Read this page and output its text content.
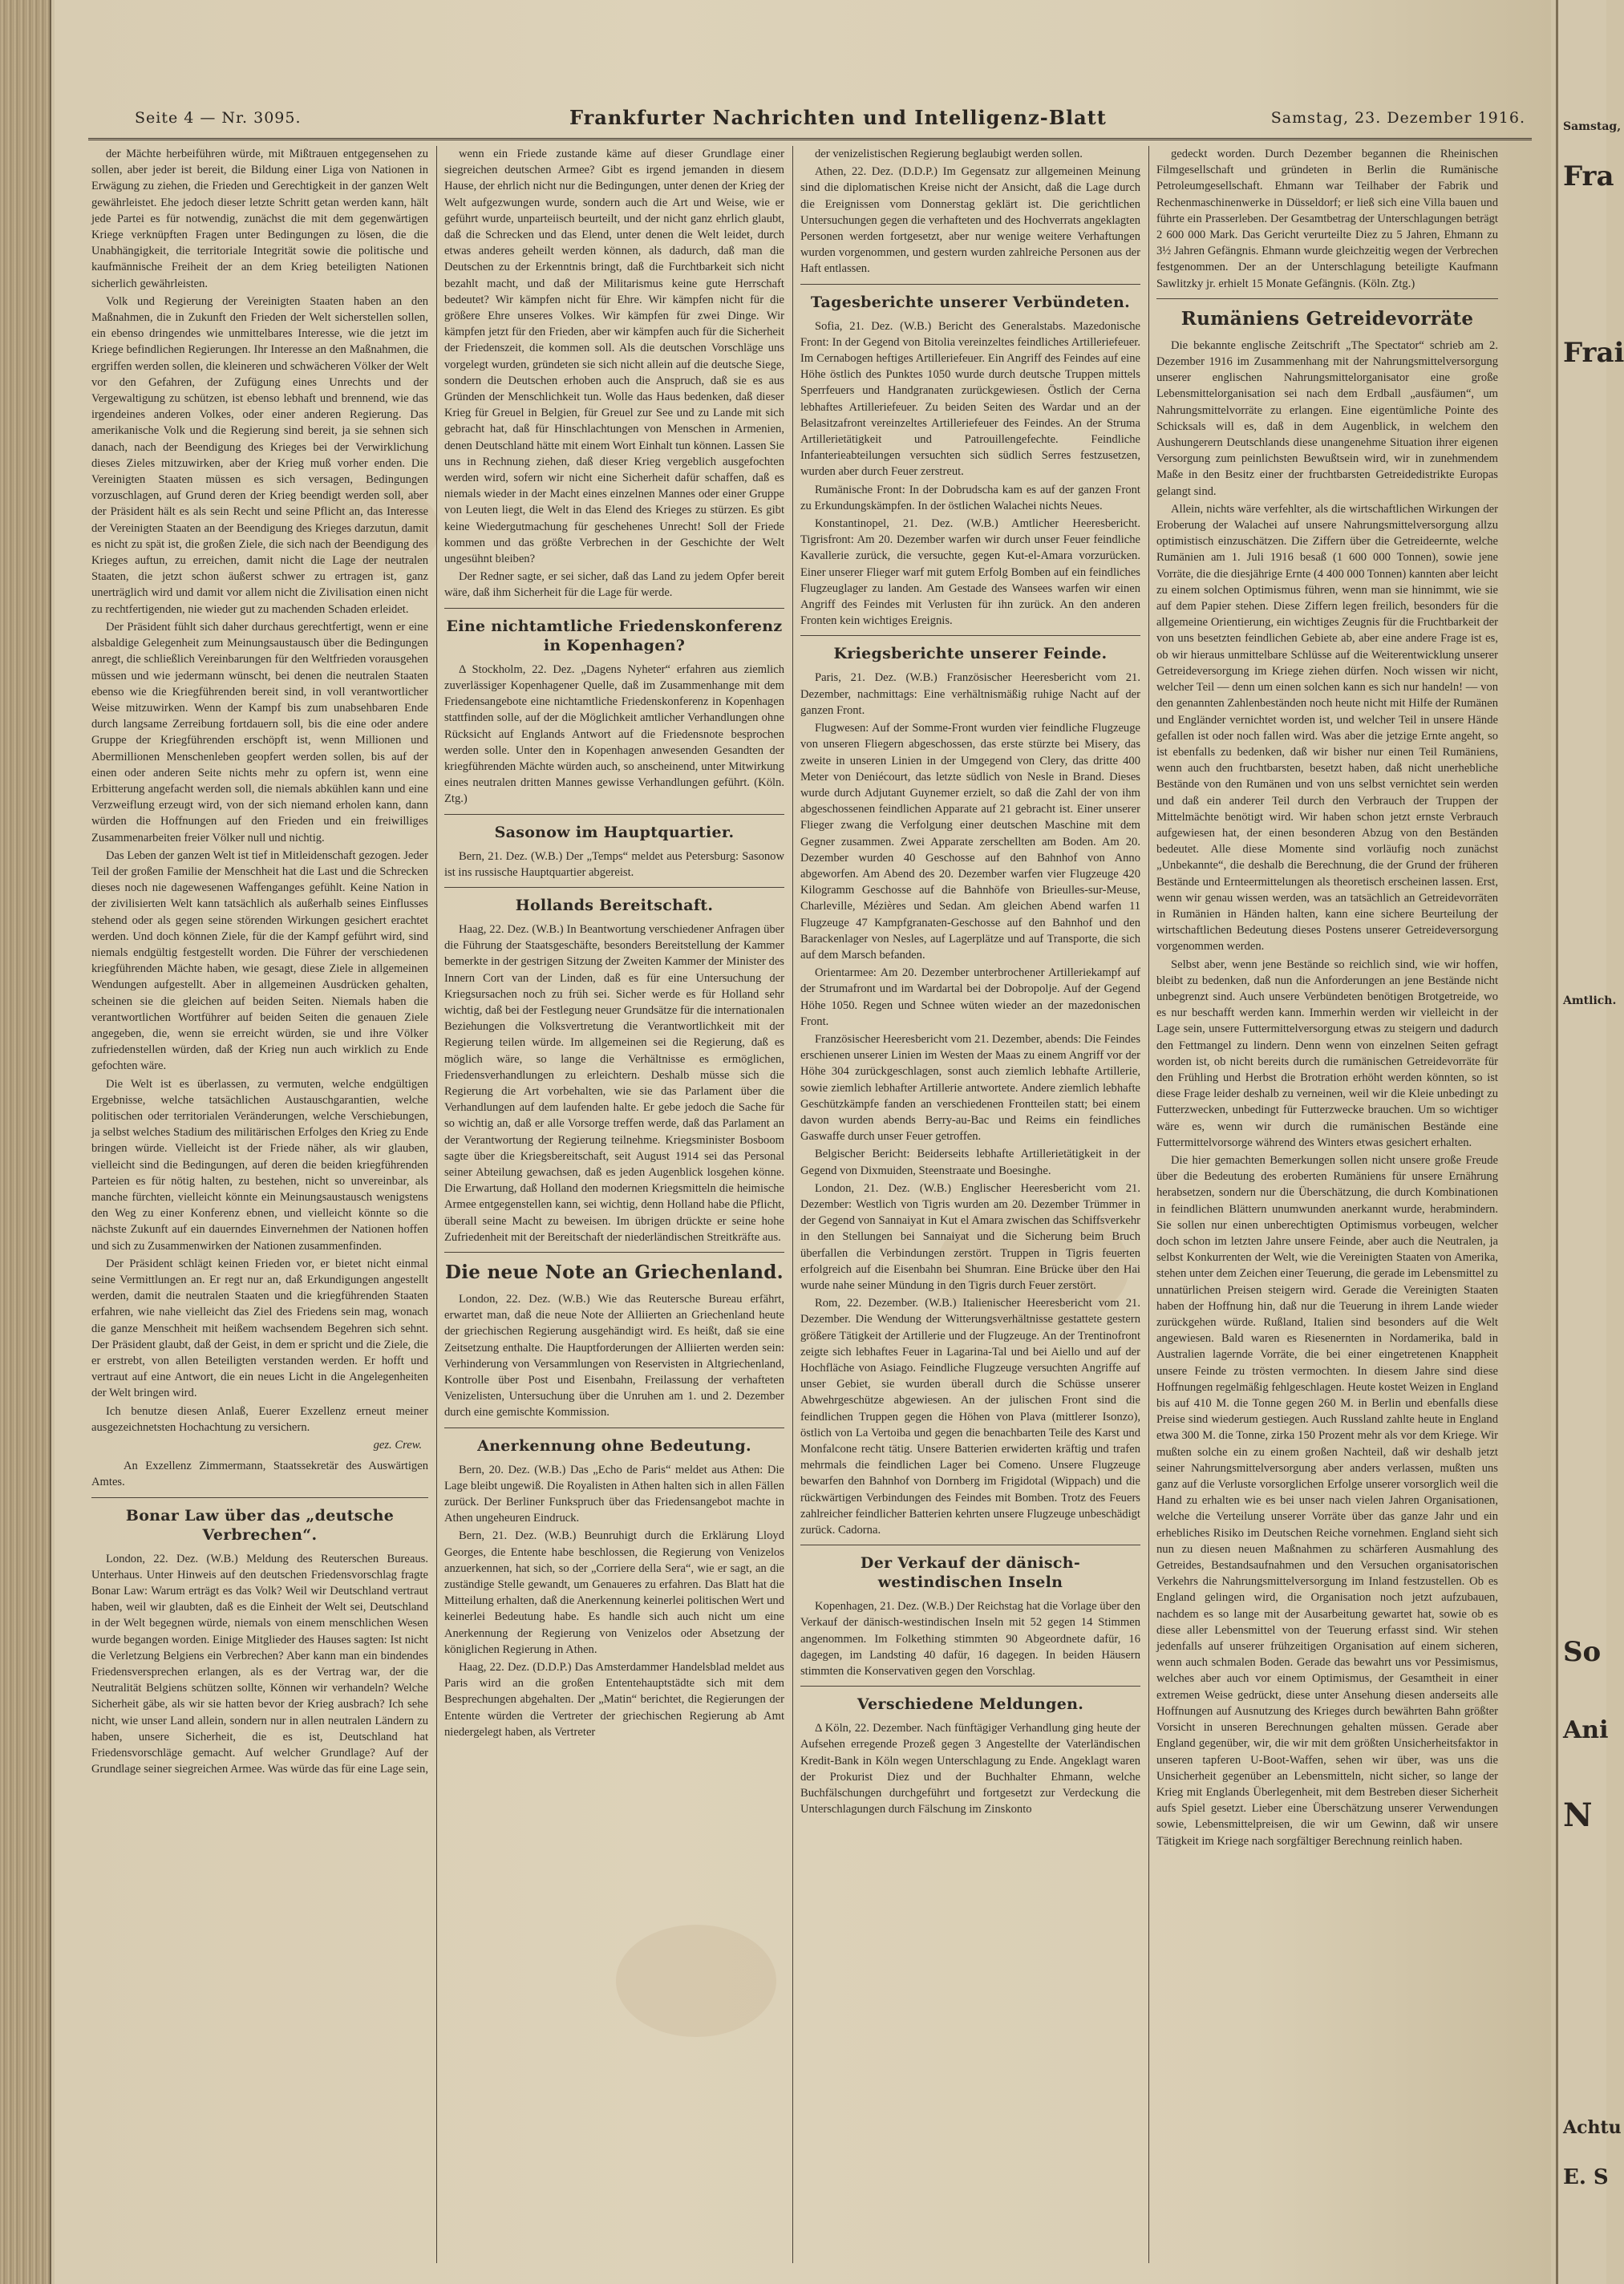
Seite 4 — Nr. 3095.	Frankfurter Nachrichten und Intelligenz-Blatt	Samstag, 23. Dezember 1916.

der Mächte herbeiführen würde, mit Mißtrauen entgegensehen zu sollen, aber jeder ist bereit, die Bildung einer Liga von Nationen in Erwägung zu ziehen, die Frieden und Gerechtigkeit in der ganzen Welt gewährleistet. Ehe jedoch dieser letzte Schritt getan werden kann, hält jede Partei es für notwendig, zunächst die mit dem gegenwärtigen Kriege verknüpften Fragen unter Bedingungen zu lösen, die die Unabhängigkeit, die territoriale Integrität sowie die politische und kaufmännische Freiheit der an dem Krieg beteiligten Nationen sicherlich gewährleisten.

Volk und Regierung der Vereinigten Staaten haben an den Maßnahmen, die in Zukunft den Frieden der Welt sicherstellen sollen, ein ebenso dringendes wie unmittelbares Interesse, wie die jetzt im Kriege befindlichen Regierungen. Ihr Interesse an den Maßnahmen, die ergriffen werden sollen, die kleineren und schwächeren Völker der Welt vor den Gefahren, der Zufügung eines Unrechts und der Vergewaltigung zu schützen, ist ebenso lebhaft und brennend, wie das irgendeines anderen Volkes, oder einer anderen Regierung. Das amerikanische Volk und die Regierung sind bereit, ja sie sehnen sich danach, nach der Beendigung des Krieges bei der Verwirklichung dieses Zieles mitzuwirken, aber der Krieg muß vorher enden. Die Vereinigten Staaten müssen es sich versagen, Bedingungen vorzuschlagen, auf Grund deren der Krieg beendigt werden soll, aber der Präsident hält es als sein Recht und seine Pflicht an, das Interesse der Vereinigten Staaten an der Beendigung des Krieges darzutun, damit es nicht zu spät ist, die großen Ziele, die sich nach der Beendigung des Krieges auftun, zu erreichen, damit nicht die Lage der neutralen Staaten, die jetzt schon äußerst schwer zu ertragen ist, ganz unerträglich wird und damit vor allem nicht die Zivilisation einen nicht zu rechtfertigenden, nie wieder gut zu machenden Schaden erleidet.

Der Präsident fühlt sich daher durchaus gerechtfertigt, wenn er eine alsbaldige Gelegenheit zum Meinungsaustausch über die Bedingungen anregt, die schließlich Vereinbarungen für den Weltfrieden vorausgehen müssen und wie jedermann wünscht, bei denen die neutralen Staaten ebenso wie die Kriegführenden bereit sind, in voll verantwortlicher Weise mitzuwirken. Wenn der Kampf bis zum unabsehbaren Ende durch langsame Zerreibung fortdauern soll, bis die eine oder andere Gruppe der Kriegführenden erschöpft ist, wenn Millionen und Abermillionen Menschenleben geopfert werden sollen, bis auf der einen oder anderen Seite nichts mehr zu opfern ist, wenn eine Erbitterung angefacht werden soll, die niemals abkühlen kann und eine Verzweiflung erzeugt wird, von der sich niemand erholen kann, dann würden die Hoffnungen auf den Frieden und ein freiwilliges Zusammenarbeiten freier Völker null und nichtig.

Das Leben der ganzen Welt ist tief in Mitleidenschaft gezogen. Jeder Teil der großen Familie der Menschheit hat die Last und die Schrecken dieses noch nie dagewesenen Waffenganges gefühlt. Keine Nation in der zivilisierten Welt kann tatsächlich als außerhalb seines Einflusses stehend oder als gegen seine störenden Wirkungen gesichert erachtet werden. Und doch können Ziele, für die der Kampf geführt wird, sind niemals endgültig festgestellt worden. Die Führer der verschiedenen kriegführenden Mächte haben, wie gesagt, diese Ziele in allgemeinen Wendungen aufgestellt. Aber in allgemeinen Ausdrücken gehalten, scheinen sie die gleichen auf beiden Seiten. Niemals haben die verantwortlichen Wortführer auf beiden Seiten die genauen Ziele angegeben, die, wenn sie erreicht würden, sie und ihre Völker zufriedenstellen würden, daß der Krieg nun auch wirklich zu Ende gefochten wäre.

Die Welt ist es überlassen, zu vermuten, welche endgültigen Ergebnisse, welche tatsächlichen Austauschgarantien, welche politischen oder territorialen Veränderungen, welche Verschiebungen, ja selbst welches Stadium des militärischen Erfolges den Krieg zu Ende bringen würde. Vielleicht ist der Friede näher, als wir glauben, vielleicht sind die Bedingungen, auf deren die beiden kriegführenden Parteien es für nötig halten, zu bestehen, nicht so unvereinbar, als manche fürchten, vielleicht könnte ein Meinungsaustausch wenigstens den Weg zu einer Konferenz ebnen, und vielleicht könnte so die nächste Zukunft auf ein dauerndes Einvernehmen der Nationen hoffen und sich zu Zusammenwirken der Nationen zusammenfinden.

Der Präsident schlägt keinen Frieden vor, er bietet nicht einmal seine Vermittlungen an. Er regt nur an, daß Erkundigungen angestellt werden, damit die neutralen Staaten und die kriegführenden Staaten erfahren, wie nahe vielleicht das Ziel des Friedens sein mag, wonach die ganze Menschheit mit heißem wachsendem Begehren sich sehnt. Der Präsident glaubt, daß der Geist, in dem er spricht und die Ziele, die er erstrebt, von allen Beteiligten verstanden werden. Er hofft und vertraut auf eine Antwort, die ein neues Licht in die Angelegenheiten der Welt bringen wird.

Ich benutze diesen Anlaß, Euerer Exzellenz erneut meiner ausgezeichnetsten Hochachtung zu versichern.

gez. Crew.

An Exzellenz Zimmermann, Staatssekretär des Auswärtigen Amtes.

Bonar Law über das „deutsche Verbrechen“.

London, 22. Dez. (W.B.) Meldung des Reuterschen Bureaus. Unterhaus. Unter Hinweis auf den deutschen Friedensvorschlag fragte Bonar Law: Warum erträgt es das Volk? Weil wir Deutschland vertraut haben, weil wir glaubten, daß es die Einheit der Welt sei, Deutschland in der Welt begegnen würde, niemals von einem menschlichen Wesen wurde begangen worden. Einige Mitglieder des Hauses sagten: Ist nicht die Verletzung Belgiens ein Verbrechen? Aber kann man ein bindendes Friedensversprechen erlangen, als es der Vertrag war, der die Neutralität Belgiens schützen sollte, Können wir verhandeln? Welche Sicherheit gäbe, als wir sie hatten bevor der Krieg ausbrach? Ich sehe nicht, wie unser Land allein, sondern nur in allen neutralen Ländern zu haben, unsere Sicherheit, die es ist, Deutschland hat Friedensvorschläge gemacht. Auf welcher Grundlage? Auf der Grundlage seiner siegreichen Armee. Was würde das für eine Lage sein,

wenn ein Friede zustande käme auf dieser Grundlage einer siegreichen deutschen Armee? Gibt es irgend jemanden in diesem Hause, der ehrlich nicht nur die Bedingungen, unter denen der Krieg der Welt aufgezwungen wurde, sondern auch die Art und Weise, wie er geführt wurde, unparteiisch beurteilt, und der nicht ganz ehrlich glaubt, daß die Schrecken und das Elend, unter denen die Welt leidet, durch etwas anderes geheilt werden können, als dadurch, daß man die Deutschen zu der Erkenntnis bringt, daß die Furchtbarkeit sich nicht bezahlt macht, und daß der Militarismus keine gute Herrschaft bedeutet? Wir kämpfen nicht für Ehre. Wir kämpfen nicht für die größere Ehre unseres Volkes. Wir kämpfen für zwei Dinge. Wir kämpfen jetzt für den Frieden, aber wir kämpfen auch für die Sicherheit der Friedenszeit, die kommen soll. Als die deutschen Vorschläge uns vorgelegt wurden, gründeten sie sich nicht allein auf die deutsche Siege, sondern die Deutschen erhoben auch die Anspruch, daß sie es aus Gründen der Menschlichkeit tun. Wolle das Haus bedenken, daß dieser Krieg für Greuel in Belgien, für Greuel zur See und zu Lande mit sich gebracht hat, daß für Hinschlachtungen von Menschen in Armenien, denen Deutschland hätte mit einem Wort Einhalt tun können. Lassen Sie uns in Rechnung ziehen, daß dieser Krieg vergeblich ausgefochten werden wird, sofern wir nicht eine Sicherheit dafür schaffen, daß es niemals wieder in der Macht eines einzelnen Mannes oder einer Gruppe von Leuten liegt, die Welt in das Elend des Krieges zu stürzen. Es gibt keine Wiedergutmachung für geschehenes Unrecht! Soll der Friede kommen und das größte Verbrechen in der Geschichte der Welt ungesühnt bleiben?

Der Redner sagte, er sei sicher, daß das Land zu jedem Opfer bereit wäre, daß ihm Sicherheit für die Lage für werde.

Eine nichtamtliche Friedenskonferenz in Kopenhagen?

Δ Stockholm, 22. Dez. „Dagens Nyheter“ erfahren aus ziemlich zuverlässiger Kopenhagener Quelle, daß im Zusammenhange mit dem Friedensangebote eine nichtamtliche Friedenskonferenz in Kopenhagen stattfinden solle, auf der die Möglichkeit amtlicher Verhandlungen ohne Rücksicht auf Englands Antwort auf die Friedensnote besprochen werden solle. Unter den in Kopenhagen anwesenden Gesandten der kriegführenden Mächte würden auch, so anscheinend, unter Mitwirkung eines neutralen dritten Mannes gewisse Verhandlungen geführt. (Köln. Ztg.)

Sasonow im Hauptquartier.

Bern, 21. Dez. (W.B.) Der „Temps“ meldet aus Petersburg: Sasonow ist ins russische Hauptquartier abgereist.

Hollands Bereitschaft.

Haag, 22. Dez. (W.B.) In Beantwortung verschiedener Anfragen über die Führung der Staatsgeschäfte, besonders Bereitstellung der Kammer bemerkte in der gestrigen Sitzung der Zweiten Kammer der Minister des Innern Cort van der Linden, daß es für eine Untersuchung der Kriegsursachen noch zu früh sei. Sicher werde es für Holland sehr wichtig, daß bei der Festlegung neuer Grundsätze für die internationalen Beziehungen die Volksvertretung die Verantwortlichkeit mit der Regierung teilen würde. Im allgemeinen sei die Regierung, daß es möglich wäre, so lange die Verhältnisse es ermöglichen, Friedensverhandlungen zu erleichtern. Deshalb müsse sich die Regierung die Art vorbehalten, wie sie das Parlament über die Verhandlungen auf dem laufenden halte. Er gebe jedoch die Sache für so wichtig an, daß er alle Vorsorge treffen werde, daß das Parlament an der Verantwortung der Regierung teilnehme. Kriegsminister Bosboom sagte über die Kriegsbereitschaft, seit August 1914 sei das Personal seiner Abteilung gewachsen, daß es jeden Augenblick losgehen könne. Die Erwartung, daß Holland den modernen Kriegsmitteln die heimische Armee entgegenstellen kann, sei wichtig, denn Holland habe die Pflicht, überall seine Macht zu beweisen. Im übrigen drückte er seine hohe Zufriedenheit mit der Bereitschaft der niederländischen Streitkräfte aus.

Die neue Note an Griechenland.

London, 22. Dez. (W.B.) Wie das Reutersche Bureau erfährt, erwartet man, daß die neue Note der Alliierten an Griechenland heute der griechischen Regierung ausgehändigt wird. Es heißt, daß sie eine Zeitsetzung enthalte. Die Hauptforderungen der Alliierten werden sein: Verhinderung von Versammlungen von Reservisten in Altgriechenland, Kontrolle über Post und Eisenbahn, Freilassung der verhafteten Venizelisten, Untersuchung über die Unruhen am 1. und 2. Dezember durch eine gemischte Kommission.

Anerkennung ohne Bedeutung.

Bern, 20. Dez. (W.B.) Das „Echo de Paris“ meldet aus Athen: Die Lage bleibt ungewiß. Die Royalisten in Athen halten sich in allen Fällen zurück. Der Berliner Funkspruch über das Friedensangebot machte in Athen ungeheuren Eindruck.

Bern, 21. Dez. (W.B.) Beunruhigt durch die Erklärung Lloyd Georges, die Entente habe beschlossen, die Regierung von Venizelos anzuerkennen, hat sich, so der „Corriere della Sera“, wie er sagt, an die zuständige Stelle gewandt, um Genaueres zu erfahren. Das Blatt hat die Mitteilung erhalten, daß die Anerkennung keinerlei politischen Wert und keinerlei Bedeutung habe. Es handle sich auch nicht um eine Anerkennung der Regierung von Venizelos oder Absetzung der königlichen Regierung in Athen.

Haag, 22. Dez. (D.D.P.) Das Amsterdammer Handelsblad meldet aus Paris wird an die großen Ententehauptstädte sich mit dem Besprechungen abgehalten. Der „Matin“ berichtet, die Regierungen der Entente würden die Vertreter der griechischen Regierung ab Amt niedergelegt haben, als Vertreter

der venizelistischen Regierung beglaubigt werden sollen.

Athen, 22. Dez. (D.D.P.) Im Gegensatz zur allgemeinen Meinung sind die diplomatischen Kreise nicht der Ansicht, daß die Lage durch die Ereignissen vom Donnerstag geklärt ist. Die gerichtlichen Untersuchungen gegen die verhafteten und des Hochverrats angeklagten Personen werden fortgesetzt, aber nur wenige weitere Verhaftungen wurden vorgenommen, und gestern wurden zahlreiche Personen aus der Haft entlassen.

Tagesberichte unserer Verbündeten.

Sofia, 21. Dez. (W.B.) Bericht des Generalstabs. Mazedonische Front: In der Gegend von Bitolia vereinzeltes feindliches Artilleriefeuer. Im Cernabogen heftiges Artilleriefeuer. Ein Angriff des Feindes auf eine Höhe östlich des Punktes 1050 wurde durch deutsche Truppen mittels Sperrfeuers und Handgranaten zurückgewiesen. Östlich der Cerna lebhaftes Artilleriefeuer. Zu beiden Seiten des Wardar und an der Belasitzafront vereinzeltes Artilleriefeuer des Feindes. An der Struma Artillerietätigkeit und Patrouillengefechte. Feindliche Infanterieabteilungen versuchten sich südlich Serres festzusetzen, wurden aber durch Feuer zerstreut.

Rumänische Front: In der Dobrudscha kam es auf der ganzen Front zu Erkundungskämpfen. In der östlichen Walachei nichts Neues.

Konstantinopel, 21. Dez. (W.B.) Amtlicher Heeresbericht. Tigrisfront: Am 20. Dezember warfen wir durch unser Feuer feindliche Kavallerie zurück, die versuchte, gegen Kut-el-Amara vorzurücken. Einer unserer Flieger warf mit gutem Erfolg Bomben auf ein feindliches Flugzeuglager zu landen. Am Gestade des Wansees warfen wir einen Angriff des Feindes mit Verlusten für ihn zurück. An den anderen Fronten kein wichtiges Ereignis.

Kriegsberichte unserer Feinde.

Paris, 21. Dez. (W.B.) Französischer Heeresbericht vom 21. Dezember, nachmittags: Eine verhältnismäßig ruhige Nacht auf der ganzen Front.

Flugwesen: Auf der Somme-Front wurden vier feindliche Flugzeuge von unseren Fliegern abgeschossen, das erste stürzte bei Misery, das zweite in unseren Linien in der Umgegend von Clery, das dritte 400 Meter von Deniécourt, das letzte südlich von Nesle in Brand. Dieses wurde durch Adjutant Guynemer erzielt, so daß die Zahl der von ihm abgeschossenen feindlichen Apparate auf 21 gebracht ist. Einer unserer Flieger zwang die Verfolgung einer deutschen Maschine mit dem Gegner zusammen. Zwei Apparate zerschellten am Boden. Am 20. Dezember wurden 40 Geschosse auf den Bahnhof von Anno abgeworfen. Am Abend des 20. Dezember warfen vier Flugzeuge 420 Kilogramm Geschosse auf die Bahnhöfe von Brieulles-sur-Meuse, Charleville, Mézières und Sedan. Am gleichen Abend warfen 11 Flugzeuge 47 Kampfgranaten-Geschosse auf den Bahnhof und den Barackenlager von Nesles, auf Lagerplätze und auf Transporte, die sich auf dem Marsch befanden.

Orientarmee: Am 20. Dezember unterbrochener Artilleriekampf auf der Strumafront und im Wardartal bei der Dobropolje. Auf der Gegend Höhe 1050. Regen und Schnee wüten wieder an der mazedonischen Front.

Französischer Heeresbericht vom 21. Dezember, abends: Die Feindes erschienen unserer Linien im Westen der Maas zu einem Angriff vor der Höhe 304 zurückgeschlagen, sonst auch ziemlich lebhafte Artillerie, sowie ziemlich lebhafter Artillerie antwortete. Andere ziemlich lebhafte Geschützkämpfe fanden an verschiedenen Frontteilen statt; bei einem davon wurden abends Berry-au-Bac und Reims ein feindliches Gaswaffe durch unser Feuer getroffen.

Belgischer Bericht: Beiderseits lebhafte Artillerietätigkeit in der Gegend von Dixmuiden, Steenstraate und Boesinghe.

London, 21. Dez. (W.B.) Englischer Heeresbericht vom 21. Dezember: Westlich von Tigris wurden am 20. Dezember Trümmer in der Gegend von Sannaiyat in Kut el Amara zwischen das Schiffsverkehr in den Stellungen bei Sannaiyat und die Sicherung beim Bruch überfallen die Verbindungen zerstört. Truppen in Tigris feuerten erfolgreich auf die Eisenbahn bei Shumran. Eine Brücke über den Hai wurde nahe seiner Mündung in den Tigris durch Feuer zerstört.

Rom, 22. Dezember. (W.B.) Italienischer Heeresbericht vom 21. Dezember. Die Wendung der Witterungsverhältnisse gestattete gestern größere Tätigkeit der Artillerie und der Flugzeuge. An der Trentinofront zeigte sich lebhaftes Feuer in Lagarina-Tal und bei Aiello und auf der Hochfläche von Asiago. Feindliche Flugzeuge versuchten Angriffe auf unser Gebiet, sie wurden überall durch die Schüsse unserer Abwehrgeschütze abgewiesen. An der julischen Front sind die feindlichen Truppen gegen die Höhen von Plava (mittlerer Isonzo), östlich von La Vertoiba und gegen die benachbarten Teile des Karst und Monfalcone recht tätig. Unsere Batterien erwiderten kräftig und trafen mehrmals die feindlichen Lager bei Comeno. Unsere Flugzeuge bewarfen den Bahnhof von Dornberg im Frigidotal (Wippach) und die rückwärtigen Verbindungen des Feindes mit Bomben. Trotz des Feuers zahlreicher feindlicher Batterien kehrten unsere Flugzeuge unbeschädigt zurück. Cadorna.

Der Verkauf der dänisch-westindischen Inseln

Kopenhagen, 21. Dez. (W.B.) Der Reichstag hat die Vorlage über den Verkauf der dänisch-westindischen Inseln mit 52 gegen 14 Stimmen angenommen. Im Folkething stimmten 90 Abgeordnete dafür, 16 dagegen, im Landsting 40 dafür, 16 dagegen. In beiden Häusern stimmten die Konservativen gegen den Vorschlag.

Verschiedene Meldungen.

Δ Köln, 22. Dezember. Nach fünftägiger Verhandlung ging heute der Aufsehen erregende Prozeß gegen 3 Angestellte der Vaterländischen Kredit-Bank in Köln wegen Unterschlagung zu Ende. Angeklagt waren der Prokurist Diez und der Buchhalter Ehmann, welche Buchfälschungen durchgeführt und fortgesetzt zur Verdeckung die Unterschlagungen durch Fälschung im Zinskonto

gedeckt worden. Durch Dezember begannen die Rheinischen Filmgesellschaft und gründeten in Berlin die Rumänische Petroleumgesellschaft. Ehmann war Teilhaber der Fabrik und Rechenmaschinenwerke in Düsseldorf; er ließ sich eine Villa bauen und führte ein Prasserleben. Der Gesamtbetrag der Unterschlagungen beträgt 2 600 000 Mark. Das Gericht verurteilte Diez zu 5 Jahren, Ehmann zu 3½ Jahren Gefängnis. Ehmann wurde gleichzeitig wegen der Verbrechen festgenommen. Der an der Unterschlagung beteiligte Kaufmann Sawlitzky jr. erhielt 15 Monate Gefängnis. (Köln. Ztg.)

Rumäniens Getreidevorräte

Die bekannte englische Zeitschrift „The Spectator“ schrieb am 2. Dezember 1916 im Zusammenhang mit der Nahrungsmittelversorgung unserer englischen Nahrungsmittelorganisator eine große Lebensmittelorganisation sei nach dem Erdball „ausfäumen“, um Nahrungsmittelvorräte zu erlangen. Eine eigentümliche Pointe des Schicksals will es, daß in dem Augenblick, in welchem den Aushungerern Deutschlands diese unangenehme Situation ihrer eigenen Versorgung zum peinlichsten Bewußtsein wird, wir in zunehmendem Maße in den Besitz einer der fruchtbarsten Getreidedistrikte Europas gelangt sind.

Allein, nichts wäre verfehlter, als die wirtschaftlichen Wirkungen der Eroberung der Walachei auf unsere Nahrungsmittelversorgung allzu optimistisch einzuschätzen. Die Ziffern über die Getreideernte, welche Rumänien am 1. Juli 1916 besaß (1 600 000 Tonnen), sowie jene Vorräte, die die diesjährige Ernte (4 400 000 Tonnen) kannten aber leicht zu einem solchen Optimismus führen, wenn man sie hinnimmt, wie sie auf dem Papier stehen. Diese Ziffern legen freilich, besonders für die allgemeine Orientierung, ein wichtiges Zeugnis für die Fruchtbarkeit der von uns besetzten feindlichen Gebiete ab, aber eine andere Frage ist es, ob wir hieraus unmittelbare Schlüsse auf die Weiterentwicklung unserer Getreideversorgung im Kriege ziehen dürfen. Noch wissen wir nicht, welcher Teil — denn um einen solchen kann es sich nur handeln! — von den genannten Zahlenbeständen noch heute nicht mit Hilfe der Rumänen und Engländer vernichtet worden ist, und welcher Teil in unsere Hände gefallen ist oder noch fallen wird. Was aber die jetzige Ernte angeht, so ist ebenfalls zu bedenken, daß wir bisher nur einen Teil Rumäniens, wenn auch den fruchtbarsten, besetzt haben, daß nicht unerhebliche Bestände von den Rumänen und von uns selbst vernichtet sein werden und daß ein anderer Teil durch den Verbrauch der Truppen der Mittelmächte benötigt wird. Wir haben schon jetzt ernste Verbrauch aufgewiesen hat, der einen besonderen Abzug von den Beständen bedeutet. Alle diese Momente sind vorläufig noch zunächst „Unbekannte“, die deshalb die Berechnung, die der Grund der früheren Bestände und Ernteermittelungen als theoretisch erscheinen lassen. Erst, wenn wir genau wissen werden, was an tatsächlich an Getreidevorräten in Rumänien in Händen halten, kann eine sichere Beurteilung der wirtschaftlichen Bedeutung dieses Postens unserer Getreideversorgung vorgenommen werden.

Selbst aber, wenn jene Bestände so reichlich sind, wie wir hoffen, bleibt zu bedenken, daß nun die Anforderungen an jene Bestände nicht unbegrenzt sind. Auch unsere Verbündeten benötigen Brotgetreide, wo es nur beschafft werden kann. Immerhin werden wir vielleicht in der Lage sein, unsere Futtermittelversorgung etwas zu steigern und dadurch den Fettmangel zu lindern. Denn wenn von einzelnen Seiten gefragt worden ist, ob nicht bereits durch die rumänischen Getreidevorräte für den Frühling und Herbst die Brotration erhöht werden könnten, so ist diese Frage leider deshalb zu verneinen, weil wir die Kleie unbedingt zu Futterzwecken, unbedingt für Futterzwecke brauchen. Um so wichtiger wäre es, wenn wir durch die rumänischen Bestände eine Futtermittelvorsorge während des Winters etwas gesichert erhalten.

Die hier gemachten Bemerkungen sollen nicht unsere große Freude über die Bedeutung des eroberten Rumäniens für unsere Ernährung herabsetzen, sondern nur die Überschätzung, die durch Kombinationen in feindlichen Blättern unumwunden anerkannt wurde, herabmindern. Sie sollen nur einen unberechtigten Optimismus vorbeugen, welcher doch schon im letzten Jahre unsere Feinde, aber auch die Neutralen, ja selbst Konkurrenten der Welt, wie die Vereinigten Staaten von Amerika, stehen unter dem Zeichen einer Teuerung, die gerade im Lebensmittel zu unnatürlichen Preisen steigern wird. Gerade die Vereinigten Staaten haben der Hoffnung hin, daß nur die Teuerung in ihrem Lande wieder zurückgehen würde. Rußland, Italien sind besonders auf die Welt angewiesen. Bald waren es Riesenernten in Nordamerika, bald in Australien lagernde Vorräte, die bei einer eingetretenen Knappheit unsere Feinde zu trösten vermochten. In diesem Jahre sind diese Hoffnungen regelmäßig fehlgeschlagen. Heute kostet Weizen in England bis auf 410 M. die Tonne gegen 260 M. in Berlin und ebenfalls diese Preise sind wiederum gestiegen. Auch Russland zahlte heute in England etwa 300 M. die Tonne, zirka 150 Prozent mehr als vor dem Kriege. Wir mußten solche ein zu einem großen Nachteil, daß wir deshalb jetzt seiner Nahrungsmittelversorgung aber anders verlassen, mußten uns ganz auf die Verluste vorsorglichen Erfolge unserer vorsorglich weil die Hand zu erhalten wie es bei unser nach vielen Jahren Organisationen, welche die Verteilung unserer Vorräte über das ganze Jahr und ein erhebliches Risiko im Deutschen Reiche vornehmen. England sieht sich nun zu diesen neuen Maßnahmen zu schärferen Ausmahlung des Getreides, Bestandsaufnahmen und den Versuchen organisatorischen Verkehrs die Nahrungsmittelversorgung im Inland festzustellen. Ob es England gelingen wird, die Organisation noch jetzt aufzubauen, nachdem es so lange mit der Ausarbeitung gewartet hat, sowie ob es diese aller Lebensmittel von der Teuerung erfasst sind. Wir stehen jedenfalls auf unserer frühzeitigen Organisation auf einem sicheren, wenn auch schmalen Boden. Gerade das bewahrt uns vor Pessimismus, welches aber auch vor einem Optimismus, der Gesamtheit in einer extremen Weise gedrückt, diese unter Ansehung diesen anderseits alle Hoffnungen auf Ausnutzung des Krieges durch bewährten Bahn größter Vorsicht in unseren Berechnungen gehalten müssen. Gerade aber England gegenüber, wir, die wir mit dem größten Unsicherheitsfaktor in unseren tapferen U-Boot-Waffen, sehen wir über, was uns die Unsicherheit gegenüber an Lebensmitteln, nicht sicher, so lange der Krieg mit Englands Überlegenheit, mit dem Bestreben dieser Sicherheit aufs Spiel gesetzt. Lieber eine Überschätzung unserer Verwendungen sowie, Lebensmittelpreisen, die wir um Gewinn, daß wir unsere Tätigkeit im Kriege nach sorgfältiger Berechnung reinlich haben.

Samstag,
Fra
Frai
Amtlich.
So
Ani
N
Achtu
E. S
